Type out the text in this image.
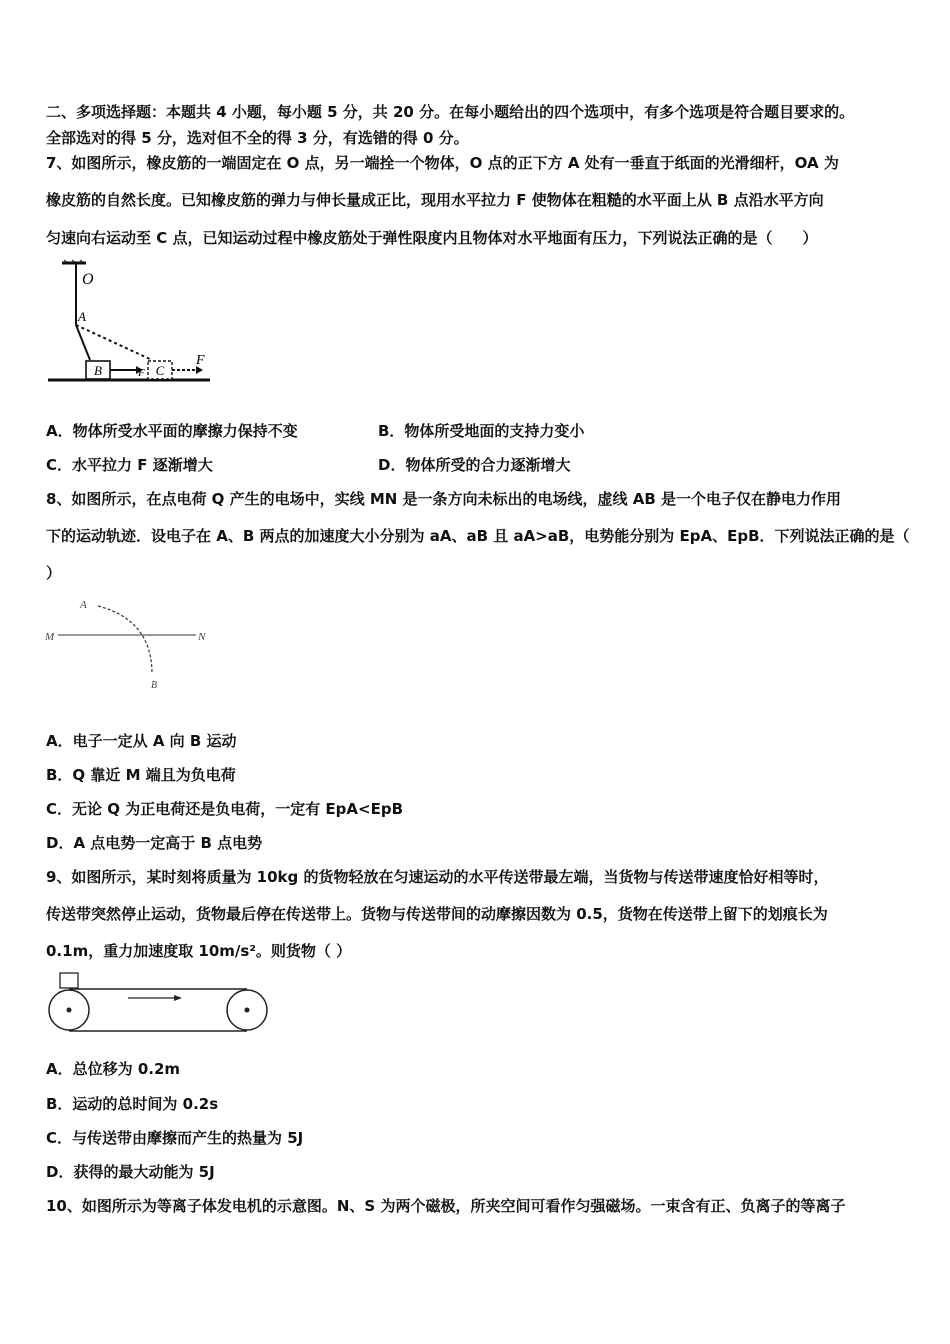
二、多项选择题：本题共 4 小题，每小题 5 分，共 20 分。在每小题给出的四个选项中，有多个选项是符合题目要求的。
全部选对的得 5 分，选对但不全的得 3 分，有选错的得 0 分。
7、如图所示，橡皮筋的一端固定在 O 点，另一端拴一个物体，O 点的正下方 A 处有一垂直于纸面的光滑细杆，OA 为
橡皮筋的自然长度。已知橡皮筋的弹力与伸长量成正比，现用水平拉力 F 使物体在粗糙的水平面上从 B 点沿水平方向
匀速向右运动至 C 点，已知运动过程中橡皮筋处于弹性限度内且物体对水平地面有压力，下列说法正确的是（　　）
B	F C
F
O
A
A．物体所受水平面的摩擦力保持不变	B．物体所受地面的支持力变小
C．水平拉力 F 逐渐增大	D．物体所受的合力逐渐增大
8、如图所示，在点电荷 Q 产生的电场中，实线 MN 是一条方向未标出的电场线，虚线 AB 是一个电子仅在静电力作用
下的运动轨迹．设电子在 A、B 两点的加速度大小分别为 aA、aB 且 aA>aB，电势能分别为 EpA、EpB．下列说法正确的是（
）
A
M	N
B
A．电子一定从 A 向 B 运动
B．Q 靠近 M 端且为负电荷
C．无论 Q 为正电荷还是负电荷，一定有 EpA<EpB
D．A 点电势一定高于 B 点电势
9、如图所示，某时刻将质量为 10kg 的货物轻放在匀速运动的水平传送带最左端，当货物与传送带速度恰好相等时，
传送带突然停止运动，货物最后停在传送带上。货物与传送带间的动摩擦因数为 0.5，货物在传送带上留下的划痕长为
0.1m，重力加速度取 10m/s²。则货物（ ）
A．总位移为 0.2m
B．运动的总时间为 0.2s
C．与传送带由摩擦而产生的热量为 5J
D．获得的最大动能为 5J
10、如图所示为等离子体发电机的示意图。N、S 为两个磁极，所夹空间可看作匀强磁场。一束含有正、负离子的等离子
